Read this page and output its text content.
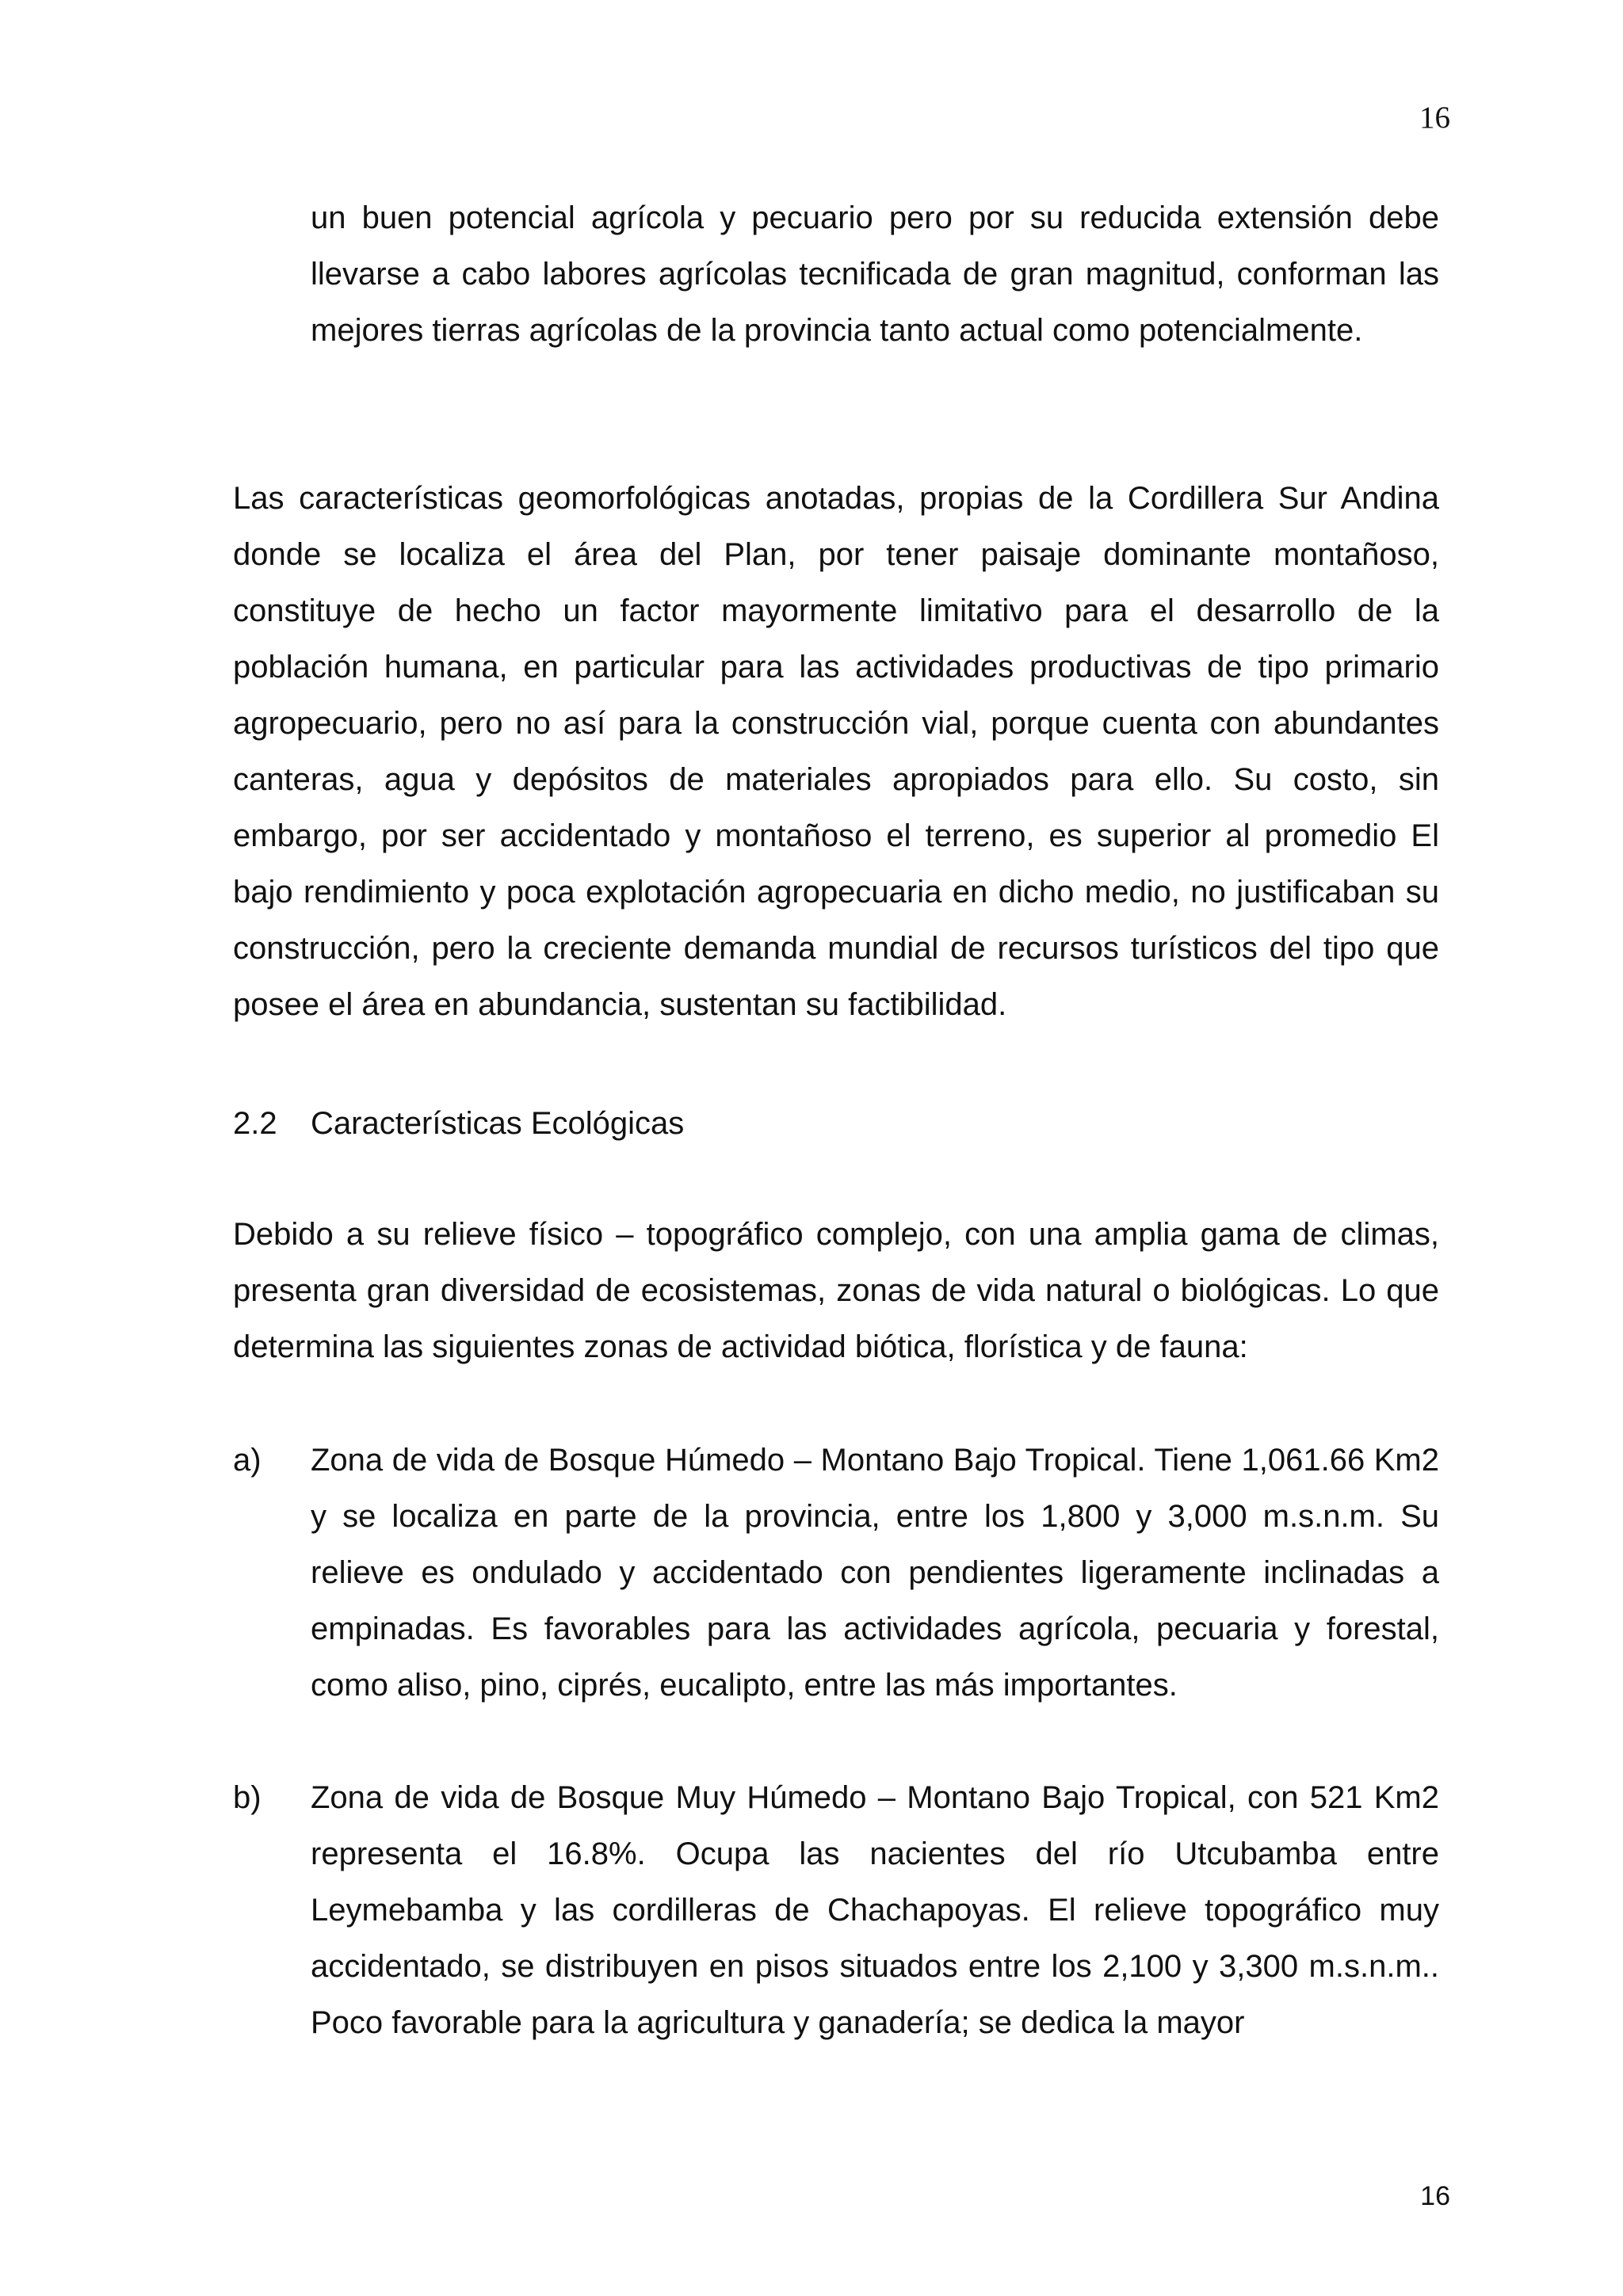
16

un buen potencial agrícola y pecuario pero por su reducida extensión debe llevarse a cabo labores agrícolas tecnificada de gran magnitud, conforman las mejores tierras agrícolas de la provincia tanto actual como potencialmente.

Las características geomorfológicas anotadas, propias de la Cordillera Sur Andina donde se localiza el área del Plan, por tener paisaje dominante montañoso, constituye de hecho un factor mayormente limitativo para el desarrollo de la población humana, en particular para las actividades productivas de tipo primario agropecuario, pero no así para la construcción vial, porque cuenta con abundantes canteras, agua y depósitos de materiales apropiados para ello. Su costo, sin embargo, por ser accidentado y montañoso el terreno, es superior al promedio El bajo rendimiento y poca explotación agropecuaria en dicho medio, no justificaban su construcción, pero la creciente demanda mundial de recursos turísticos del tipo que posee el área en abundancia, sustentan su factibilidad.

2.2 Características Ecológicas

Debido a su relieve físico – topográfico complejo, con una amplia gama de climas, presenta gran diversidad de ecosistemas, zonas de vida natural o biológicas. Lo que determina las siguientes zonas de actividad biótica, florística y de fauna:

a) Zona de vida de Bosque Húmedo – Montano Bajo Tropical. Tiene 1,061.66 Km2 y se localiza en parte de la provincia, entre los 1,800 y 3,000 m.s.n.m. Su relieve es ondulado y accidentado con pendientes ligeramente inclinadas a empinadas. Es favorables para las actividades agrícola, pecuaria y forestal, como aliso, pino, ciprés, eucalipto, entre las más importantes.

b) Zona de vida de Bosque Muy Húmedo – Montano Bajo Tropical, con 521 Km2 representa el 16.8%. Ocupa las nacientes del río Utcubamba entre Leymebamba y las cordilleras de Chachapoyas. El relieve topográfico muy accidentado, se distribuyen en pisos situados entre los 2,100 y 3,300 m.s.n.m.. Poco favorable para la agricultura y ganadería; se dedica la mayor

16
